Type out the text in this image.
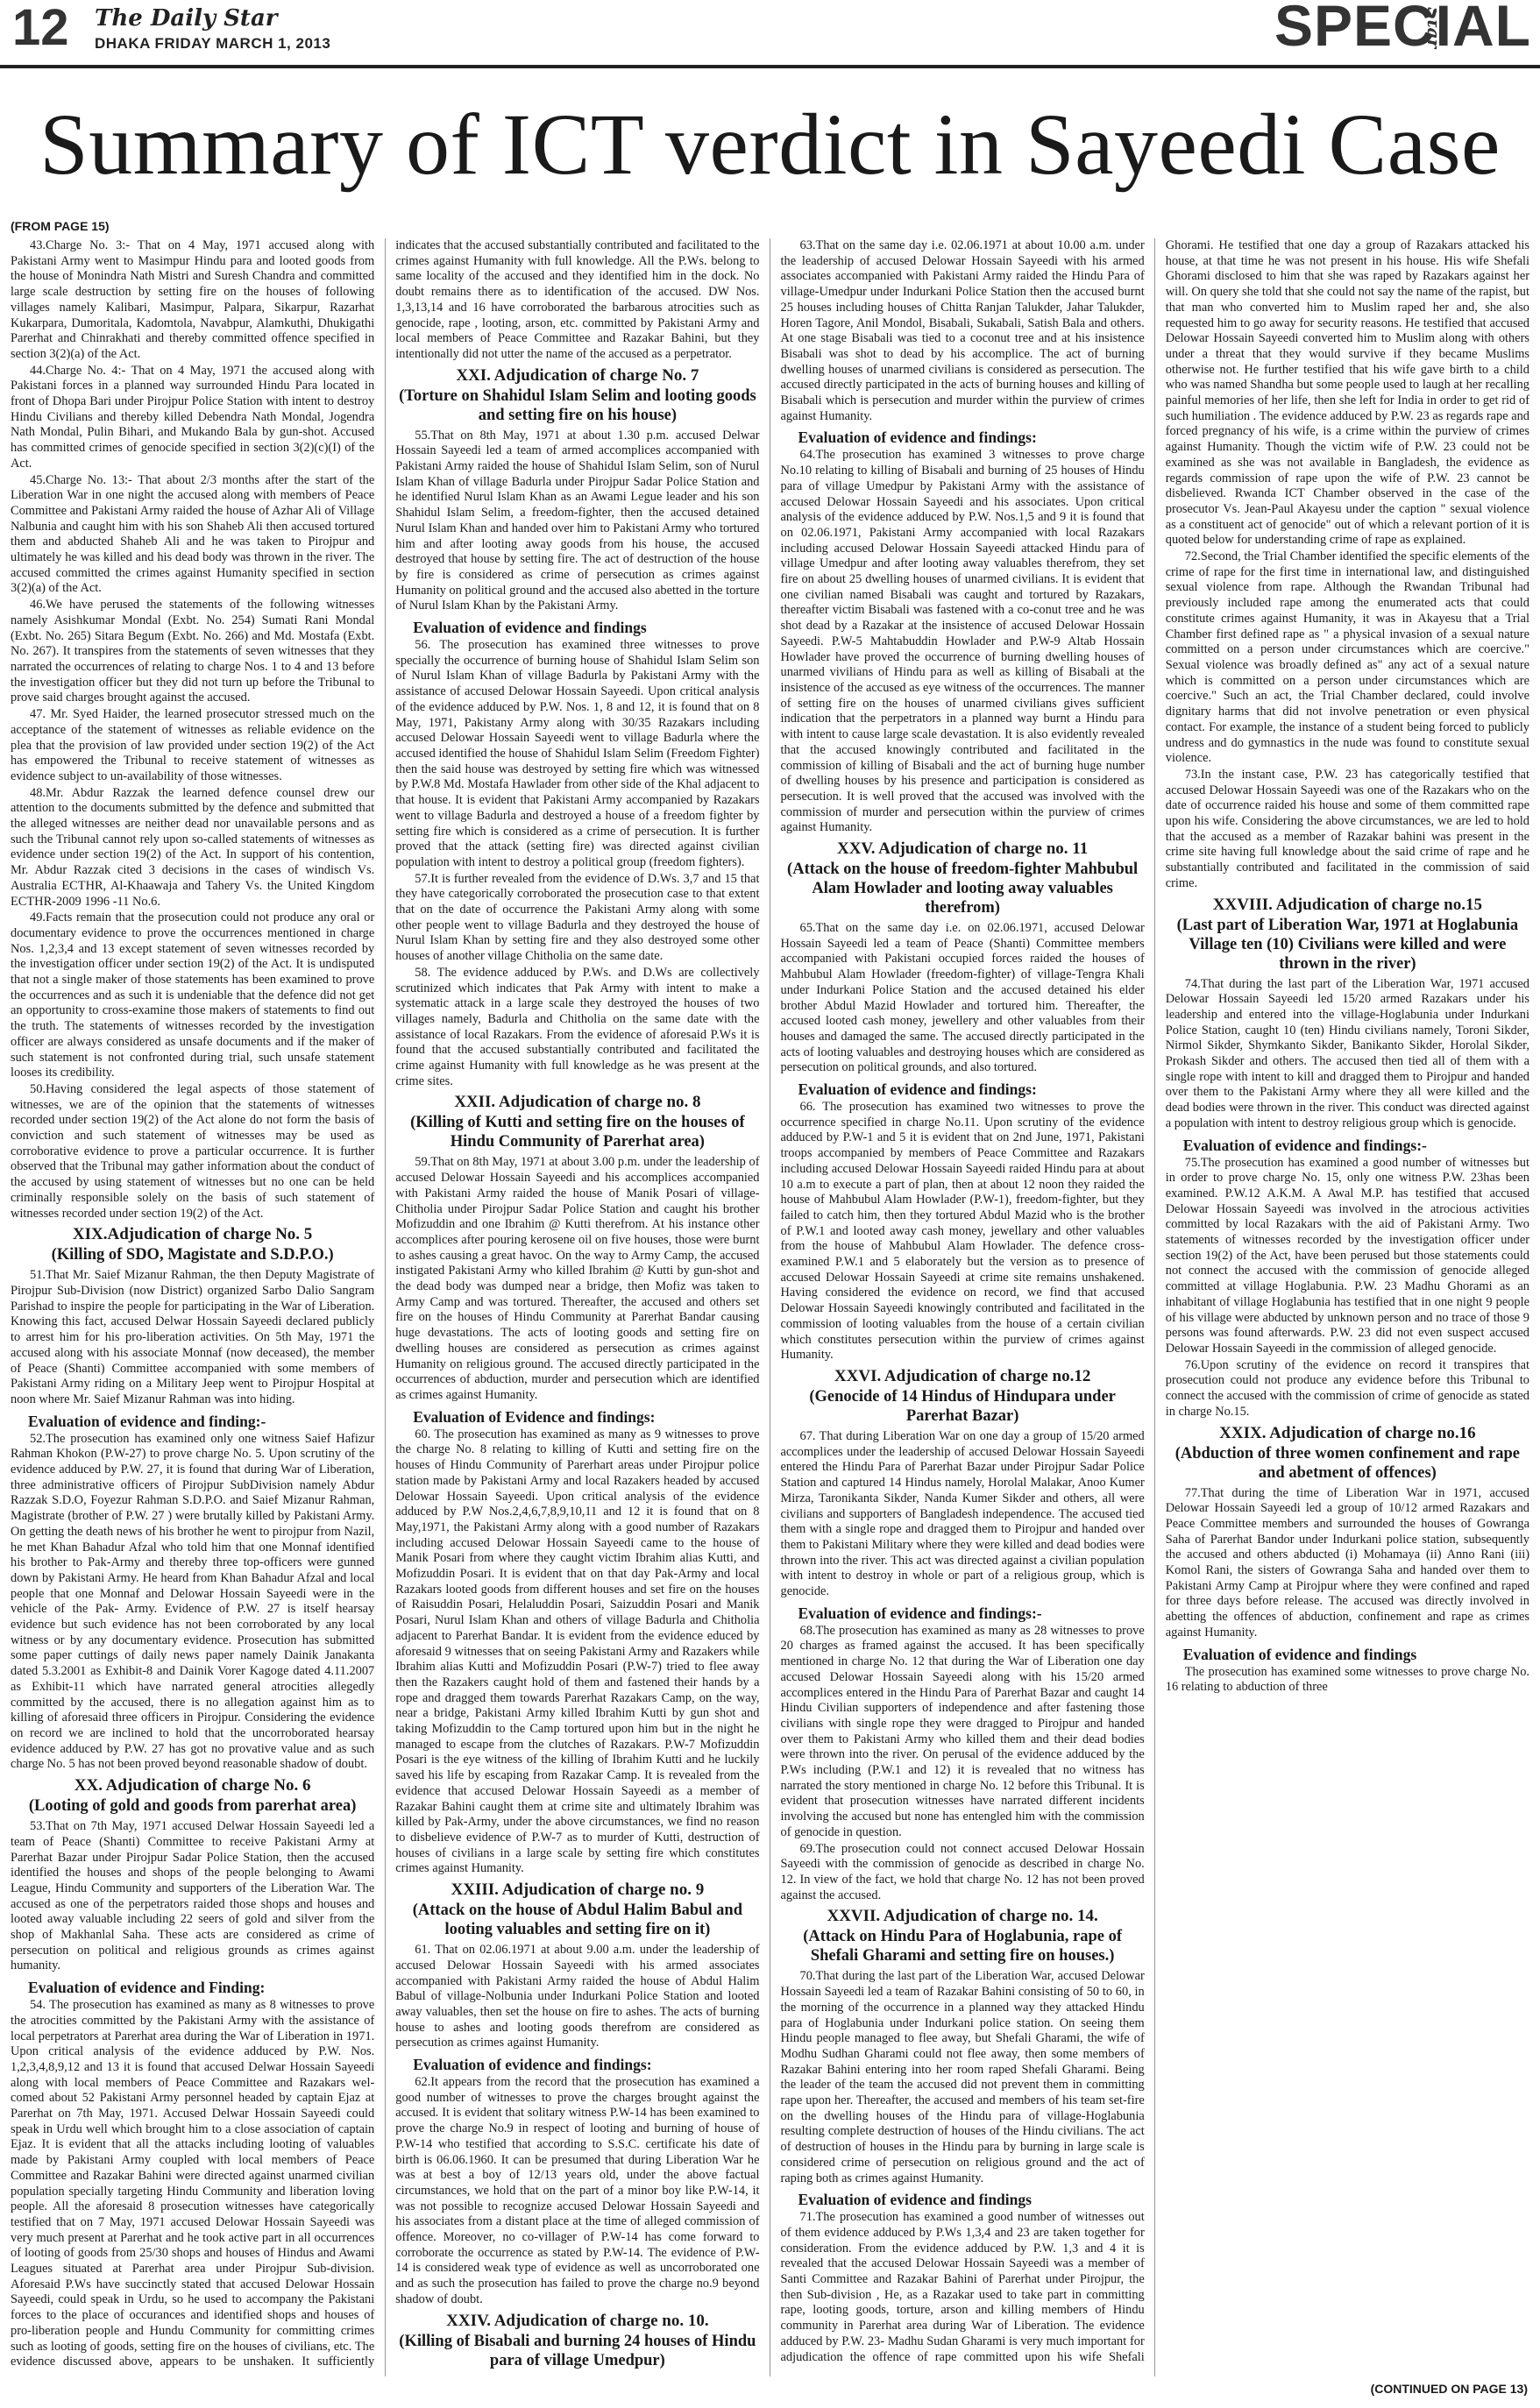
12 The Daily Star
DHAKA FRIDAY MARCH 1, 2013	Star
SPECIAL
Summary of ICT verdict in Sayeedi Case
(FROM PAGE 15)

43.Charge No. 3:- That on 4 May, 1971 accused along with Pakistani Army went to Masimpur Hindu para and looted goods from the house of Monindra Nath Mistri and Suresh Chandra and committed large scale destruction by setting fire on the houses of following villages namely Kalibari, Masimpur, Palpara, Sikarpur, Razarhat Kukarpara, Dumoritala, Kadomtola, Navabpur, Alamkuthi, Dhukigathi Parerhat and Chinrakhati and thereby committed offence specified in section 3(2)(a) of the Act.

44.Charge No. 4:- That on 4 May, 1971 the accused along with Pakistani forces in a planned way surrounded Hindu Para located in front of Dhopa Bari under Pirojpur Police Station with intent to destroy Hindu Civilians and thereby killed Debendra Nath Mondal, Jogendra Nath Mondal, Pulin Bihari, and Mukando Bala by gun-shot. Accused has committed crimes of genocide specified in section 3(2)(c)(I) of the Act.

45.Charge No. 13:- That about 2/3 months after the start of the Liberation War in one night the accused along with members of Peace Committee and Pakistani Army raided the house of Azhar Ali of Village Nalbunia and caught him with his son Shaheb Ali then accused tortured them and abducted Shaheb Ali and he was taken to Pirojpur and ultimately he was killed and his dead body was thrown in the river. The accused committed the crimes against Humanity specified in section 3(2)(a) of the Act.

46.We have perused the statements of the following witnesses namely Asishkumar Mondal (Exbt. No. 254) Sumati Rani Mondal (Exbt. No. 265) Sitara Begum (Exbt. No. 266) and Md. Mostafa (Exbt. No. 267). It transpires from the statements of seven witnesses that they narrated the occurrences of relating to charge Nos. 1 to 4 and 13 before the investigation officer but they did not turn up before the Tribunal to prove said charges brought against the accused.

47. Mr. Syed Haider, the learned prosecutor stressed much on the acceptance of the statement of witnesses as reliable evidence on the plea that the provision of law provided under section 19(2) of the Act has empowered the Tribunal to receive statement of witnesses as evidence subject to un-availability of those witnesses.

48.Mr. Abdur Razzak the learned defence counsel drew our attention to the documents submitted by the defence and submitted that the alleged witnesses are neither dead nor unavailable persons and as such the Tribunal cannot rely upon so-called statements of witnesses as evidence under section 19(2) of the Act. In support of his contention, Mr. Abdur Razzak cited 3 decisions in the cases of windisch Vs. Australia ECTHR, Al-Khaawaja and Tahery Vs. the United Kingdom ECTHR-2009 1996 -11 No.6.

49.Facts remain that the prosecution could not produce any oral or documentary evidence to prove the occurrences mentioned in charge Nos. 1,2,3,4 and 13 except statement of seven witnesses recorded by the investigation officer under section 19(2) of the Act. It is undisputed that not a single maker of those statements has been examined to prove the occurrences and as such it is undeniable that the defence did not get an opportunity to cross-examine those makers of statements to find out the truth. The statements of witnesses recorded by the investigation officer are always considered as unsafe documents and if the maker of such statement is not confronted during trial, such unsafe statement looses its credibility.

50.Having considered the legal aspects of those statement of witnesses, we are of the opinion that the statements of witnesses recorded under section 19(2) of the Act alone do not form the basis of conviction and such statement of witnesses may be used as corroborative evidence to prove a particular occurrence. It is further observed that the Tribunal may gather information about the conduct of the accused by using statement of witnesses but no one can be held criminally responsible solely on the basis of such statement of witnesses recorded under section 19(2) of the Act.

XIX.Adjudication of charge No. 5
(Killing of SDO, Magistate and S.D.P.O.)

51.That Mr. Saief Mizanur Rahman, the then Deputy Magistrate of Pirojpur Sub-Division (now District) organized Sarbo Dalio Sangram Parishad to inspire the people for participating in the War of Liberation. Knowing this fact, accused Delwar Hossain Sayeedi declared publicly to arrest him for his pro-liberation activities. On 5th May, 1971 the accused along with his associate Monnaf (now deceased), the member of Peace (Shanti) Committee accompanied with some members of Pakistani Army riding on a Military Jeep went to Pirojpur Hospital at noon where Mr. Saief Mizanur Rahman was into hiding.

Evaluation of evidence and finding:-

52.The prosecution has examined only one witness Saief Hafizur Rahman Khokon (P.W-27) to prove charge No. 5. Upon scrutiny of the evidence adduced by P.W. 27, it is found that during War of Liberation, three administrative officers of Pirojpur SubDivision namely Abdur Razzak S.D.O, Foyezur Rahman S.D.P.O. and Saief Mizanur Rahman, Magistrate (brother of P.W. 27 ) were brutally killed by Pakistani Army. On getting the death news of his brother he went to pirojpur from Nazil, he met Khan Bahadur Afzal who told him that one Monnaf identified his brother to Pak-Army and thereby three top-officers were gunned down by Pakistani Army. He heard from Khan Bahadur Afzal and local people that one Monnaf and Delowar Hossain Sayeedi were in the vehicle of the Pak- Army. Evidence of P.W. 27 is itself hearsay evidence but such evidence has not been corroborated by any local witness or by any documentary evidence. Prosecution has submitted some paper cuttings of daily news paper namely Dainik Janakanta dated 5.3.2001 as Exhibit-8 and Dainik Vorer Kagoge dated 4.11.2007 as Exhibit-11 which have narrated general atrocities allegedly committed by the accused, there is no allegation against him as to killing of aforesaid three officers in Pirojpur. Considering the evidence on record we are inclined to hold that the uncorroborated hearsay evidence adduced by P.W. 27 has got no provative value and as such charge No. 5 has not been proved beyond reasonable shadow of doubt.

XX. Adjudication of charge No. 6
(Looting of gold and goods from parerhat area)

53.That on 7th May, 1971 accused Delwar Hossain Sayeedi led a team of Peace (Shanti) Committee to receive Pakistani Army at Parerhat Bazar under Pirojpur Sadar Police Station, then the accused identified the houses and shops of the people belonging to Awami League, Hindu Community and supporters of the Liberation War. The accused as one of the perpetrators raided those shops and houses and looted away valuable including 22 seers of gold and silver from the shop of Makhanlal Saha. These acts are considered as crime of persecution on political and religious grounds as crimes against humanity.

Evaluation of evidence and Finding:

54. The prosecution has examined as many as 8 witnesses to prove the atrocities committed by the Pakistani Army with the assistance of local perpetrators at Parerhat area during the War of Liberation in 1971. Upon critical analysis of the evidence adduced by P.W. Nos. 1,2,3,4,8,9,12 and 13 it is found that accused Delwar Hossain Sayeedi along with local members of Peace Committee and Razakars wel-comed about 52 Pakistani Army personnel headed by captain Ejaz at Parerhat on 7th May, 1971. Accused Delwar Hossain Sayeedi could speak in Urdu well which brought him to a close association of captain Ejaz. It is evident that all the attacks including looting of valuables made by Pakistani Army coupled with local members of Peace Committee and Razakar Bahini were directed against unarmed civilian population specially targeting Hindu Community and liberation loving people. All the aforesaid 8 prosecution witnesses have categorically testified that on 7 May, 1971 accused Delowar Hossain Sayeedi was very much present at Parerhat and he took active part in all occurrences of looting of goods from 25/30 shops and houses of Hindus and Awami Leagues situated at Parerhat area under Pirojpur Sub-division. Aforesaid P.Ws have succinctly stated that accused Delowar Hossain Sayeedi, could speak in Urdu, so he used to accompany the Pakistani forces to the place of occurances and identified shops and houses of pro-liberation people and Hundu Community for committing crimes such as looting of goods, setting fire on the houses of civilians, etc. The evidence discussed above, appears to be unshaken. It sufficiently indicates that the accused substantially contributed and facilitated to the crimes against Humanity with full knowledge. All the P.Ws. belong to same locality of the accused and they identified him in the dock. No doubt remains there as to identification of the accused. DW Nos. 1,3,13,14 and 16 have corroborated the barbarous atrocities such as genocide, rape , looting, arson, etc. committed by Pakistani Army and local members of Peace Committee and Razakar Bahini, but they intentionally did not utter the name of the accused as a perpetrator.

XXI. Adjudication of charge No. 7
(Torture on Shahidul Islam Selim and looting goods and setting fire on his house)

55.That on 8th May, 1971 at about 1.30 p.m. accused Delwar Hossain Sayeedi led a team of armed accomplices accompanied with Pakistani Army raided the house of Shahidul Islam Selim, son of Nurul Islam Khan of village Badurla under Pirojpur Sadar Police Station and he identified Nurul Islam Khan as an Awami Legue leader and his son Shahidul Islam Selim, a freedom-fighter, then the accused detained Nurul Islam Khan and handed over him to Pakistani Army who tortured him and after looting away goods from his house, the accused destroyed that house by setting fire. The act of destruction of the house by fire is considered as crime of persecution as crimes against Humanity on political ground and the accused also abetted in the torture of Nurul Islam Khan by the Pakistani Army.

Evaluation of evidence and findings

56. The prosecution has examined three witnesses to prove specially the occurrence of burning house of Shahidul Islam Selim son of Nurul Islam Khan of village Badurla by Pakistani Army with the assistance of accused Delowar Hossain Sayeedi. Upon critical analysis of the evidence adduced by P.W. Nos. 1, 8 and 12, it is found that on 8 May, 1971, Pakistany Army along with 30/35 Razakars including accused Delowar Hossain Sayeedi went to village Badurla where the accused identified the house of Shahidul Islam Selim (Freedom Fighter) then the said house was destroyed by setting fire which was witnessed by P.W.8 Md. Mostafa Hawlader from other side of the Khal adjacent to that house. It is evident that Pakistani Army accompanied by Razakars went to village Badurla and destroyed a house of a freedom fighter by setting fire which is considered as a crime of persecution. It is further proved that the attack (setting fire) was directed against civilian population with intent to destroy a political group (freedom fighters).

57.It is further revealed from the evidence of D.Ws. 3,7 and 15 that they have categorically corroborated the prosecution case to that extent that on the date of occurrence the Pakistani Army along with some other people went to village Badurla and they destroyed the house of Nurul Islam Khan by setting fire and they also destroyed some other houses of another village Chitholia on the same date.

58. The evidence adduced by P.Ws. and D.Ws are collectively scrutinized which indicates that Pak Army with intent to make a systematic attack in a large scale they destroyed the houses of two villages namely, Badurla and Chitholia on the same date with the assistance of local Razakars. From the evidence of aforesaid P.Ws it is found that the accused substantially contributed and facilitated the crime against Humanity with full knowledge as he was present at the crime sites.

XXII. Adjudication of charge no. 8
(Killing of Kutti and setting fire on the houses of Hindu Community of Parerhat area)

59.That on 8th May, 1971 at about 3.00 p.m. under the leadership of accused Delowar Hossain Sayeedi and his accomplices accompanied with Pakistani Army raided the house of Manik Posari of village-Chitholia under Pirojpur Sadar Police Station and caught his brother Mofizuddin and one Ibrahim @ Kutti therefrom. At his instance other accomplices after pouring kerosene oil on five houses, those were burnt to ashes causing a great havoc. On the way to Army Camp, the accused instigated Pakistani Army who killed Ibrahim @ Kutti by gun-shot and the dead body was dumped near a bridge, then Mofiz was taken to Army Camp and was tortured. Thereafter, the accused and others set fire on the houses of Hindu Community at Parerhat Bandar causing huge devastations. The acts of looting goods and setting fire on dwelling houses are considered as persecution as crimes against Humanity on religious ground. The accused directly participated in the occurrences of abduction, murder and persecution which are identified as crimes against Humanity.

Evaluation of Evidence and findings:

60. The prosecution has examined as many as 9 witnesses to prove the charge No. 8 relating to killing of Kutti and setting fire on the houses of Hindu Community of Parerhart areas under Pirojpur police station made by Pakistani Army and local Razakers headed by accused Delowar Hossain Sayeedi. Upon critical analysis of the evidence adduced by P.W Nos.2,4,6,7,8,9,10,11 and 12 it is found that on 8 May,1971, the Pakistani Army along with a good number of Razakars including accused Delowar Hossain Sayeedi came to the house of Manik Posari from where they caught victim Ibrahim alias Kutti, and Mofizuddin Posari. It is evident that on that day Pak-Army and local Razakars looted goods from different houses and set fire on the houses of Raisuddin Posari, Helaluddin Posari, Saizuddin Posari and Manik Posari, Nurul Islam Khan and others of village Badurla and Chitholia adjacent to Parerhat Bandar. It is evident from the evidence educed by aforesaid 9 witnesses that on seeing Pakistani Army and Razakers while Ibrahim alias Kutti and Mofizuddin Posari (P.W-7) tried to flee away then the Razakers caught hold of them and fastened their hands by a rope and dragged them towards Parerhat Razakars Camp, on the way, near a bridge, Pakistani Army killed Ibrahim Kutti by gun shot and taking Mofizuddin to the Camp tortured upon him but in the night he managed to escape from the clutches of Razakars. P.W-7 Mofizuddin Posari is the eye witness of the killing of Ibrahim Kutti and he luckily saved his life by escaping from Razakar Camp. It is revealed from the evidence that accused Delowar Hossain Sayeedi as a member of Razakar Bahini caught them at crime site and ultimately Ibrahim was killed by Pak-Army, under the above circumstances, we find no reason to disbelieve evidence of P.W-7 as to murder of Kutti, destruction of houses of civilians in a large scale by setting fire which constitutes crimes against Humanity.

XXIII. Adjudication of charge no. 9
(Attack on the house of Abdul Halim Babul and looting valuables and setting fire on it)

61. That on 02.06.1971 at about 9.00 a.m. under the leadership of accused Delowar Hossain Sayeedi with his armed associates accompanied with Pakistani Army raided the house of Abdul Halim Babul of village-Nolbunia under Indurkani Police Station and looted away valuables, then set the house on fire to ashes. The acts of burning house to ashes and looting goods therefrom are considered as persecution as crimes against Humanity.

Evaluation of evidence and findings:

62.It appears from the record that the prosecution has examined a good number of witnesses to prove the charges brought against the accused. It is evident that solitary witness P.W-14 has been examined to prove the charge No.9 in respect of looting and burning of house of P.W-14 who testified that according to S.S.C. certificate his date of birth is 06.06.1960. It can be presumed that during Liberation War he was at best a boy of 12/13 years old, under the above factual circumstances, we hold that on the part of a minor boy like P.W-14, it was not possible to recognize accused Delowar Hossain Sayeedi and his associates from a distant place at the time of alleged commission of offence. Moreover, no co-villager of P.W-14 has come forward to corroborate the occurrence as stated by P.W-14. The evidence of P.W-14 is considered weak type of evidence as well as uncorroborated one and as such the prosecution has failed to prove the charge no.9 beyond shadow of doubt.

XXIV. Adjudication of charge no. 10.
(Killing of Bisabali and burning 24 houses of Hindu para of village Umedpur)

63.That on the same day i.e. 02.06.1971 at about 10.00 a.m. under the leadership of accused Delowar Hossain Sayeedi with his armed associates accompanied with Pakistani Army raided the Hindu Para of village-Umedpur under Indurkani Police Station then the accused burnt 25 houses including houses of Chitta Ranjan Talukder, Jahar Talukder, Horen Tagore, Anil Mondol, Bisabali, Sukabali, Satish Bala and others. At one stage Bisabali was tied to a coconut tree and at his insistence Bisabali was shot to dead by his accomplice. The act of burning dwelling houses of unarmed civilians is considered as persecution. The accused directly participated in the acts of burning houses and killing of Bisabali which is persecution and murder within the purview of crimes against Humanity.

Evaluation of evidence and findings:

64.The prosecution has examined 3 witnesses to prove charge No.10 relating to killing of Bisabali and burning of 25 houses of Hindu para of village Umedpur by Pakistani Army with the assistance of accused Delowar Hossain Sayeedi and his associates. Upon critical analysis of the evidence adduced by P.W. Nos.1,5 and 9 it is found that on 02.06.1971, Pakistani Army accompanied with local Razakars including accused Delowar Hossain Sayeedi attacked Hindu para of village Umedpur and after looting away valuables therefrom, they set fire on about 25 dwelling houses of unarmed civilians. It is evident that one civilian named Bisabali was caught and tortured by Razakars, thereafter victim Bisabali was fastened with a co-conut tree and he was shot dead by a Razakar at the insistence of accused Delowar Hossain Sayeedi. P.W-5 Mahtabuddin Howlader and P.W-9 Altab Hossain Howlader have proved the occurrence of burning dwelling houses of unarmed vivilians of Hindu para as well as killing of Bisabali at the insistence of the accused as eye witness of the occurrences. The manner of setting fire on the houses of unarmed civilians gives sufficient indication that the perpetrators in a planned way burnt a Hindu para with intent to cause large scale devastation. It is also evidently revealed that the accused knowingly contributed and facilitated in the commission of killing of Bisabali and the act of burning huge number of dwelling houses by his presence and participation is considered as persecution. It is well proved that the accused was involved with the commission of murder and persecution within the purview of crimes against Humanity.

XXV. Adjudication of charge no. 11
(Attack on the house of freedom-fighter Mahbubul Alam Howlader and looting away valuables therefrom)

65.That on the same day i.e. on 02.06.1971, accused Delowar Hossain Sayeedi led a team of Peace (Shanti) Committee members accompanied with Pakistani occupied forces raided the houses of Mahbubul Alam Howlader (freedom-fighter) of village-Tengra Khali under Indurkani Police Station and the accused detained his elder brother Abdul Mazid Howlader and tortured him. Thereafter, the accused looted cash money, jewellery and other valuables from their houses and damaged the same. The accused directly participated in the acts of looting valuables and destroying houses which are considered as persecution on political grounds, and also tortured.

Evaluation of evidence and findings:

66. The prosecution has examined two witnesses to prove the occurrence specified in charge No.11. Upon scrutiny of the evidence adduced by P.W-1 and 5 it is evident that on 2nd June, 1971, Pakistani troops accompanied by members of Peace Committee and Razakars including accused Delowar Hossain Sayeedi raided Hindu para at about 10 a.m to execute a part of plan, then at about 12 noon they raided the house of Mahbubul Alam Howlader (P.W-1), freedom-fighter, but they failed to catch him, then they tortured Abdul Mazid who is the brother of P.W.1 and looted away cash money, jewellary and other valuables from the house of Mahbubul Alam Howlader. The defence cross-examined P.W.1 and 5 elaborately but the version as to presence of accused Delowar Hossain Sayeedi at crime site remains unshakened. Having considered the evidence on record, we find that accused Delowar Hossain Sayeedi knowingly contributed and facilitated in the commission of looting valuables from the house of a certain civilian which constitutes persecution within the purview of crimes against Humanity.

XXVI. Adjudication of charge no.12
(Genocide of 14 Hindus of Hindupara under Parerhat Bazar)

67. That during Liberation War on one day a group of 15/20 armed accomplices under the leadership of accused Delowar Hossain Sayeedi entered the Hindu Para of Parerhat Bazar under Pirojpur Sadar Police Station and captured 14 Hindus namely, Horolal Malakar, Anoo Kumer Mirza, Taronikanta Sikder, Nanda Kumer Sikder and others, all were civilians and supporters of Bangladesh independence. The accused tied them with a single rope and dragged them to Pirojpur and handed over them to Pakistani Military where they were killed and dead bodies were thrown into the river. This act was directed against a civilian population with intent to destroy in whole or part of a religious group, which is genocide.

Evaluation of evidence and findings:-

68.The prosecution has examined as many as 28 witnesses to prove 20 charges as framed against the accused. It has been specifically mentioned in charge No. 12 that during the War of Liberation one day accused Delowar Hossain Sayeedi along with his 15/20 armed accomplices entered in the Hindu Para of Parerhat Bazar and caught 14 Hindu Civilian supporters of independence and after fastening those civilians with single rope they were dragged to Pirojpur and handed over them to Pakistani Army who killed them and their dead bodies were thrown into the river. On perusal of the evidence adduced by the P.Ws including (P.W.1 and 12) it is revealed that no witness has narrated the story mentioned in charge No. 12 before this Tribunal. It is evident that prosecution witnesses have narrated different incidents involving the accused but none has entengled him with the commission of genocide in question.

69.The prosecution could not connect accused Delowar Hossain Sayeedi with the commission of genocide as described in charge No. 12. In view of the fact, we hold that charge No. 12 has not been proved against the accused.

XXVII. Adjudication of charge no. 14.
(Attack on Hindu Para of Hoglabunia, rape of Shefali Gharami and setting fire on houses.)

70.That during the last part of the Liberation War, accused Delowar Hossain Sayeedi led a team of Razakar Bahini consisting of 50 to 60, in the morning of the occurrence in a planned way they attacked Hindu para of Hoglabunia under Indurkani police station. On seeing them Hindu people managed to flee away, but Shefali Gharami, the wife of Modhu Sudhan Gharami could not flee away, then some members of Razakar Bahini entering into her room raped Shefali Gharami. Being the leader of the team the accused did not prevent them in committing rape upon her. Thereafter, the accused and members of his team set-fire on the dwelling houses of the Hindu para of village-Hoglabunia resulting complete destruction of houses of the Hindu civilians. The act of destruction of houses in the Hindu para by burning in large scale is considered crime of persecution on religious ground and the act of raping both as crimes against Humanity.

Evaluation of evidence and findings

71.The prosecution has examined a good number of witnesses out of them evidence adduced by P.Ws 1,3,4 and 23 are taken together for consideration. From the evidence adduced by P.W. 1,3 and 4 it is revealed that the accused Delowar Hossain Sayeedi was a member of Santi Committee and Razakar Bahini of Parerhat under Pirojpur, the then Sub-division , He, as a Razakar used to take part in committing rape, looting goods, torture, arson and killing members of Hindu community in Parerhat area during War of Liberation. The evidence adduced by P.W. 23- Madhu Sudan Gharami is very much important for adjudication the offence of rape committed upon his wife Shefali Ghorami. He testified that one day a group of Razakars attacked his house, at that time he was not present in his house. His wife Shefali Ghorami disclosed to him that she was raped by Razakars against her will. On query she told that she could not say the name of the rapist, but that man who converted him to Muslim raped her and, she also requested him to go away for security reasons. He testified that accused Delowar Hossain Sayeedi converted him to Muslim along with others under a threat that they would survive if they became Muslims otherwise not. He further testified that his wife gave birth to a child who was named Shandha but some people used to laugh at her recalling painful memories of her life, then she left for India in order to get rid of such humiliation . The evidence adduced by P.W. 23 as regards rape and forced pregnancy of his wife, is a crime within the purview of crimes against Humanity. Though the victim wife of P.W. 23 could not be examined as she was not available in Bangladesh, the evidence as regards commission of rape upon the wife of P.W. 23 cannot be disbelieved. Rwanda ICT Chamber observed in the case of the prosecutor Vs. Jean-Paul Akayesu under the caption " sexual violence as a constituent act of genocide" out of which a relevant portion of it is quoted below for understanding crime of rape as explained.

72.Second, the Trial Chamber identified the specific elements of the crime of rape for the first time in international law, and distinguished sexual violence from rape. Although the Rwandan Tribunal had previously included rape among the enumerated acts that could constitute crimes against Humanity, it was in Akayesu that a Trial Chamber first defined rape as " a physical invasion of a sexual nature committed on a person under circumstances which are coercive." Sexual violence was broadly defined as" any act of a sexual nature which is committed on a person under circumstances which are coercive." Such an act, the Trial Chamber declared, could involve dignitary harms that did not involve penetration or even physical contact. For example, the instance of a student being forced to publicly undress and do gymnastics in the nude was found to constitute sexual violence.

73.In the instant case, P.W. 23 has categorically testified that accused Delowar Hossain Sayeedi was one of the Razakars who on the date of occurrence raided his house and some of them committed rape upon his wife. Considering the above circumstances, we are led to hold that the accused as a member of Razakar bahini was present in the crime site having full knowledge about the said crime of rape and he substantially contributed and facilitated in the commission of said crime.

XXVIII. Adjudication of charge no.15
(Last part of Liberation War, 1971 at Hoglabunia Village ten (10) Civilians were killed and were thrown in the river)

74.That during the last part of the Liberation War, 1971 accused Delowar Hossain Sayeedi led 15/20 armed Razakars under his leadership and entered into the village-Hoglabunia under Indurkani Police Station, caught 10 (ten) Hindu civilians namely, Toroni Sikder, Nirmol Sikder, Shymkanto Sikder, Banikanto Sikder, Horolal Sikder, Prokash Sikder and others. The accused then tied all of them with a single rope with intent to kill and dragged them to Pirojpur and handed over them to the Pakistani Army where they all were killed and the dead bodies were thrown in the river. This conduct was directed against a population with intent to destroy religious group which is genocide.

Evaluation of evidence and findings:-

75.The prosecution has examined a good number of witnesses but in order to prove charge No. 15, only one witness P.W. 23has been examined. P.W.12 A.K.M. A Awal M.P. has testified that accused Delowar Hossain Sayeedi was involved in the atrocious activities committed by local Razakars with the aid of Pakistani Army. Two statements of witnesses recorded by the investigation officer under section 19(2) of the Act, have been perused but those statements could not connect the accused with the commission of genocide alleged committed at village Hoglabunia. P.W. 23 Madhu Ghorami as an inhabitant of village Hoglabunia has testified that in one night 9 people of his village were abducted by unknown person and no trace of those 9 persons was found afterwards. P.W. 23 did not even suspect accused Delowar Hossain Sayeedi in the commission of alleged genocide.

76.Upon scrutiny of the evidence on record it transpires that prosecution could not produce any evidence before this Tribunal to connect the accused with the commission of crime of genocide as stated in charge No.15.

XXIX. Adjudication of charge no.16
(Abduction of three women confinement and rape and abetment of offences)

77.That during the time of Liberation War in 1971, accused Delowar Hossain Sayeedi led a group of 10/12 armed Razakars and Peace Committee members and surrounded the houses of Gowranga Saha of Parerhat Bandor under Indurkani police station, subsequently the accused and others abducted (i) Mohamaya (ii) Anno Rani (iii) Komol Rani, the sisters of Gowranga Saha and handed over them to Pakistani Army Camp at Pirojpur where they were confined and raped for three days before release. The accused was directly involved in abetting the offences of abduction, confinement and rape as crimes against Humanity.

Evaluation of evidence and findings

The prosecution has examined some witnesses to prove charge No. 16 relating to abduction of three

(CONTINUED ON PAGE 13)
